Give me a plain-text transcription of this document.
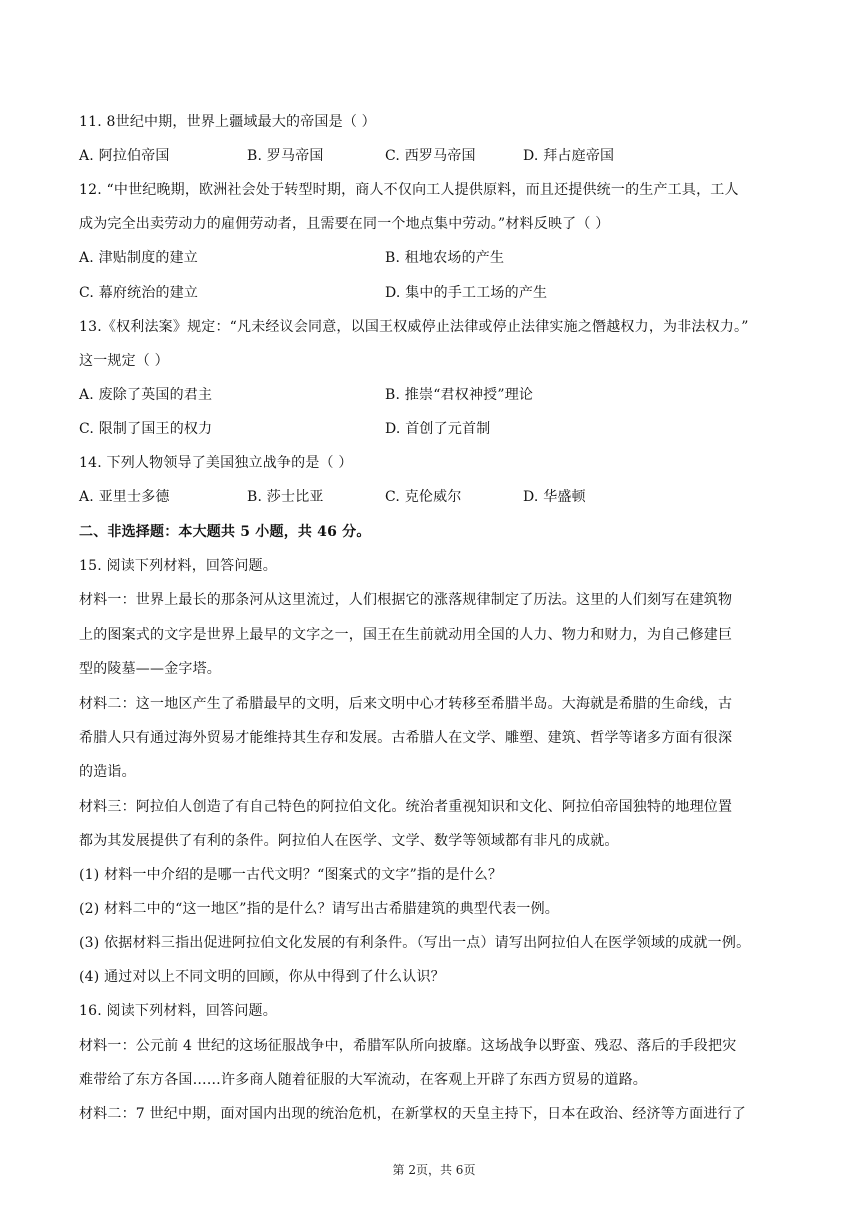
11. 8世纪中期，世界上疆域最大的帝国是（ ）
A. 阿拉伯帝国	B. 罗马帝国	C. 西罗马帝国	D. 拜占庭帝国
12. “中世纪晚期，欧洲社会处于转型时期，商人不仅向工人提供原料，而且还提供统一的生产工具，工人
成为完全出卖劳动力的雇佣劳动者，且需要在同一个地点集中劳动。”材料反映了（ ）
A. 津贴制度的建立	B. 租地农场的产生
C. 幕府统治的建立	D. 集中的手工工场的产生
13.《权利法案》规定：“凡未经议会同意，以国王权威停止法律或停止法律实施之僭越权力，为非法权力。”
这一规定（ ）
A. 废除了英国的君主	B. 推崇“君权神授”理论
C. 限制了国王的权力	D. 首创了元首制
14. 下列人物领导了美国独立战争的是（ ）
A. 亚里士多德	B. 莎士比亚	C. 克伦威尔	D. 华盛顿
二、非选择题：本大题共 5 小题，共 46 分。
15. 阅读下列材料，回答问题。
材料一：世界上最长的那条河从这里流过，人们根据它的涨落规律制定了历法。这里的人们刻写在建筑物
上的图案式的文字是世界上最早的文字之一，国王在生前就动用全国的人力、物力和财力，为自己修建巨
型的陵墓——金字塔。
材料二：这一地区产生了希腊最早的文明，后来文明中心才转移至希腊半岛。大海就是希腊的生命线，古
希腊人只有通过海外贸易才能维持其生存和发展。古希腊人在文学、雕塑、建筑、哲学等诸多方面有很深
的造诣。
材料三：阿拉伯人创造了有自己特色的阿拉伯文化。统治者重视知识和文化、阿拉伯帝国独特的地理位置
都为其发展提供了有利的条件。阿拉伯人在医学、文学、数学等领域都有非凡的成就。
(1) 材料一中介绍的是哪一古代文明？“图案式的文字”指的是什么？
(2) 材料二中的“这一地区”指的是什么？请写出古希腊建筑的典型代表一例。
(3) 依据材料三指出促进阿拉伯文化发展的有利条件。（写出一点）请写出阿拉伯人在医学领域的成就一例。
(4) 通过对以上不同文明的回顾，你从中得到了什么认识？
16. 阅读下列材料，回答问题。
材料一：公元前 4 世纪的这场征服战争中，希腊军队所向披靡。这场战争以野蛮、残忍、落后的手段把灾
难带给了东方各国……许多商人随着征服的大军流动，在客观上开辟了东西方贸易的道路。
材料二：7 世纪中期，面对国内出现的统治危机，在新掌权的天皇主持下，日本在政治、经济等方面进行了
第 2页，共 6页
